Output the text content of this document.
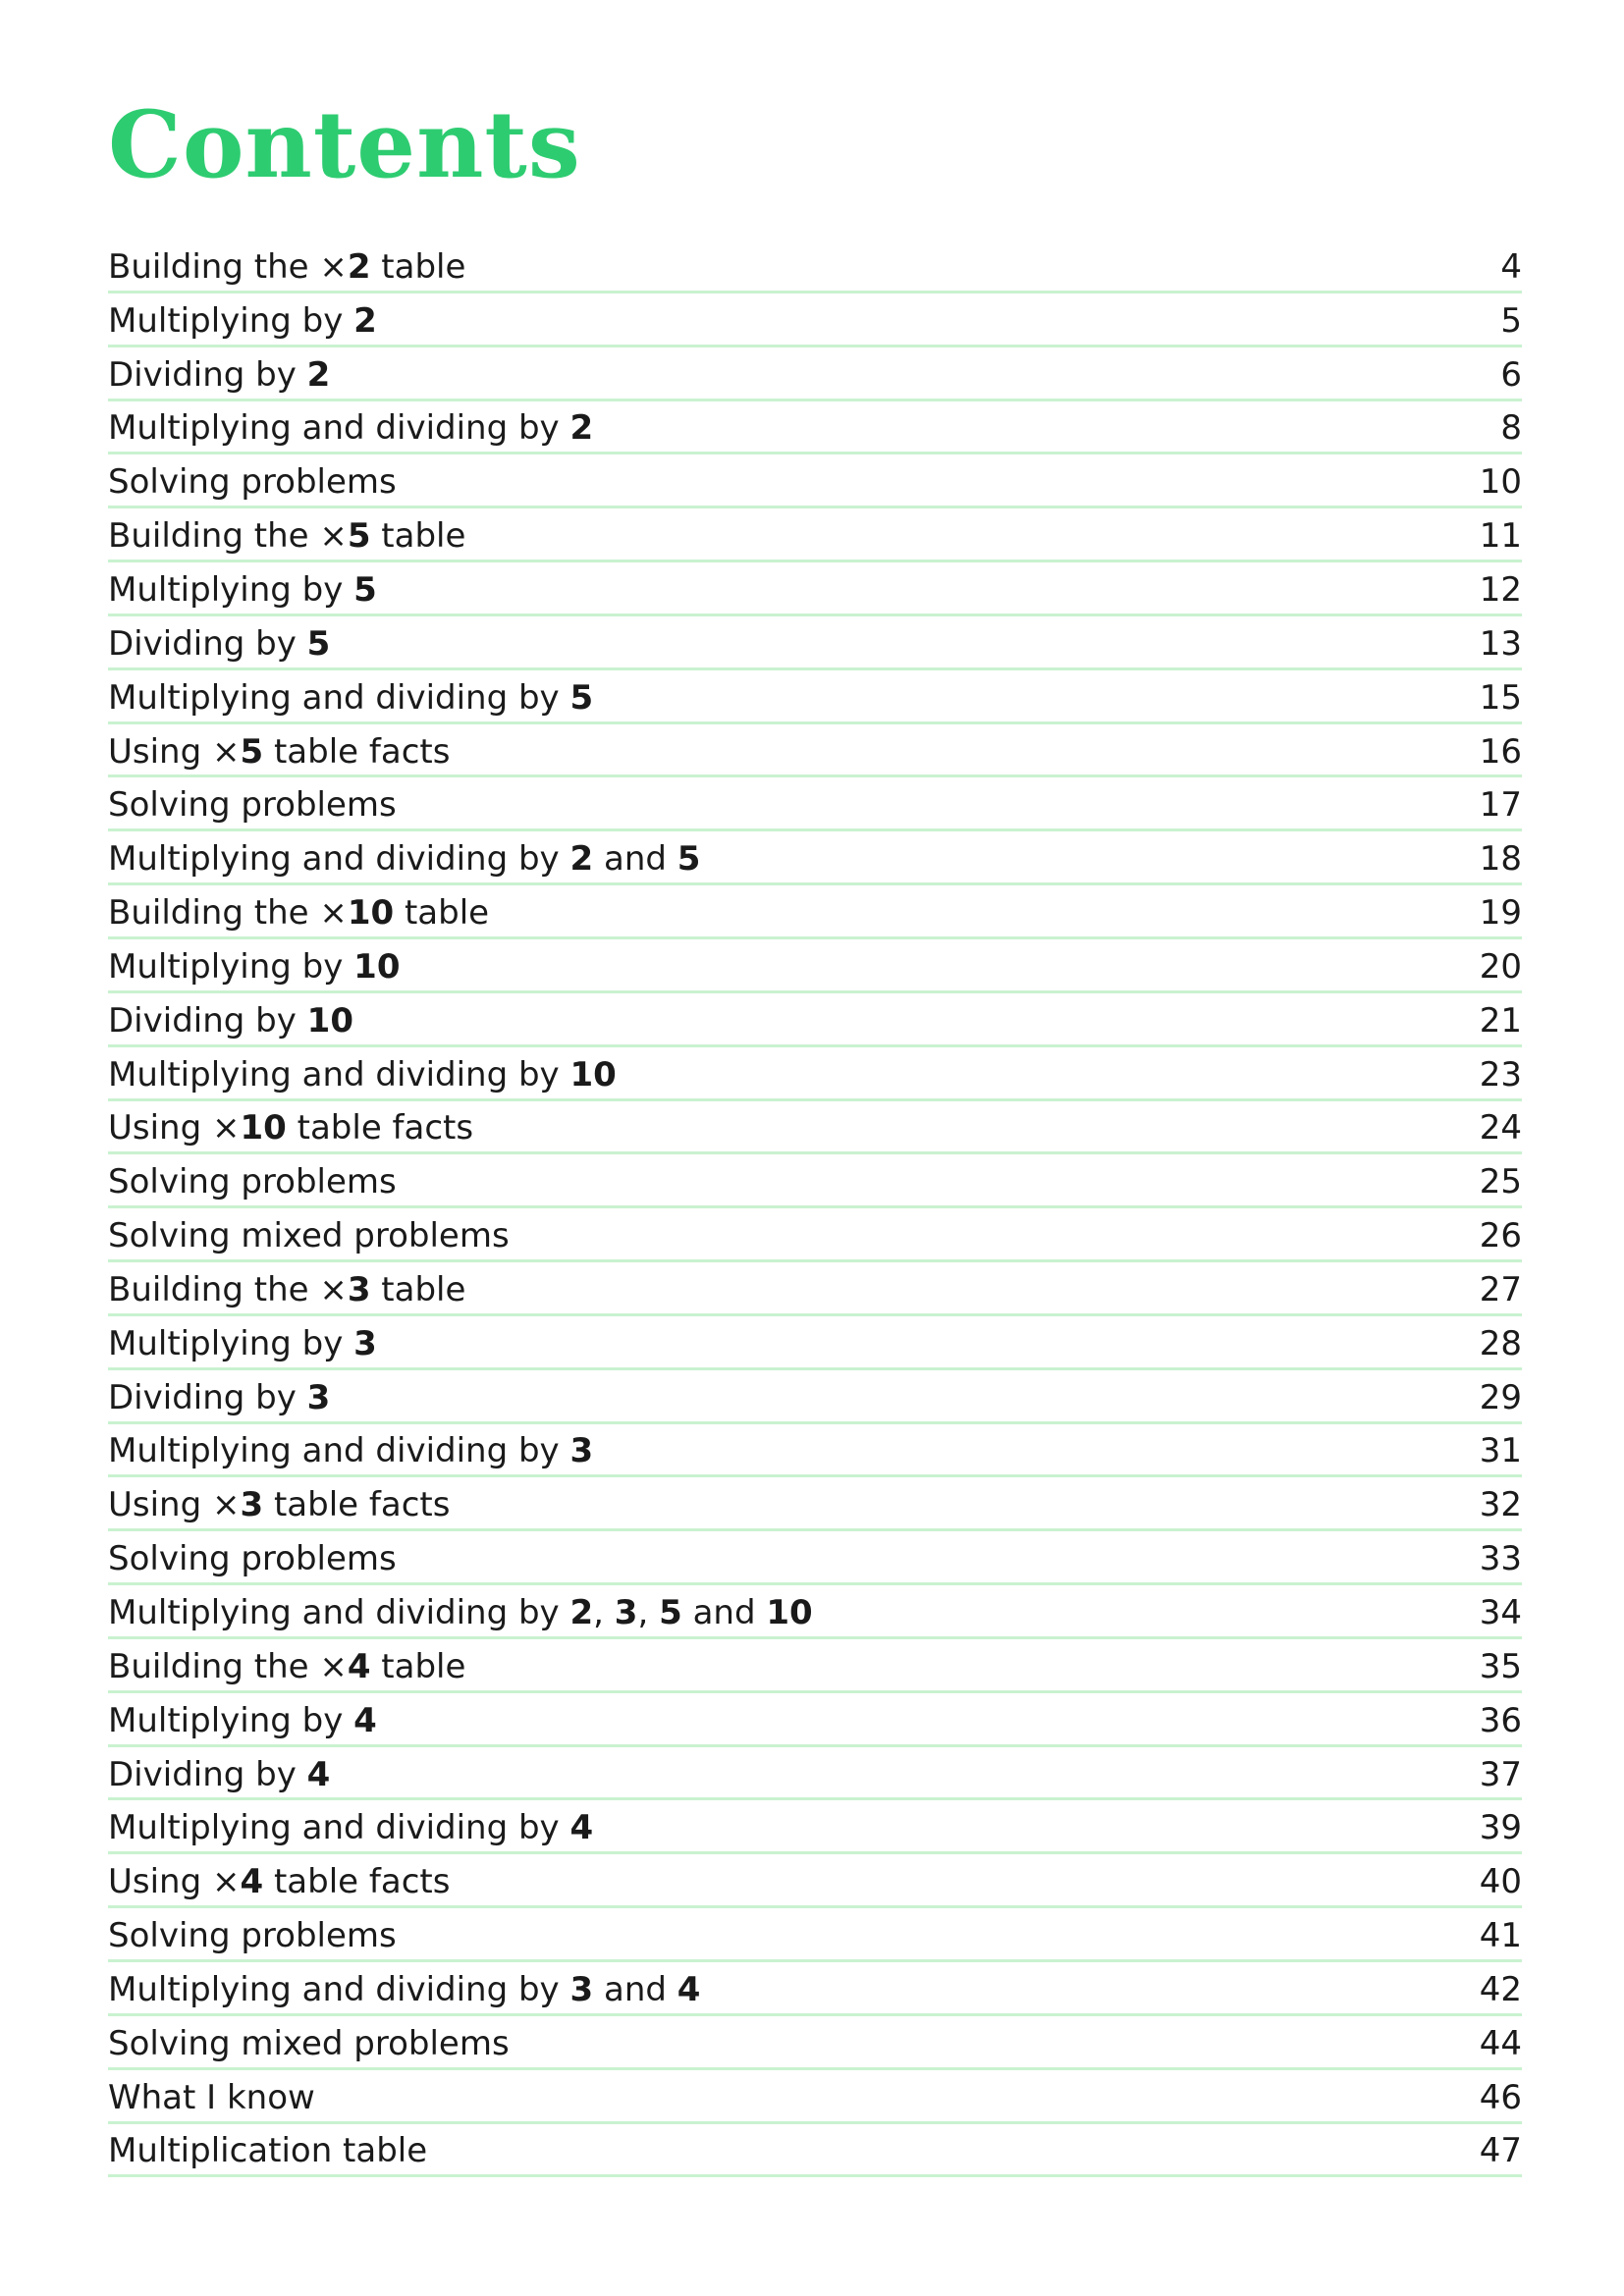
Contents
Building the ×2 table	4
Multiplying by 2	5
Dividing by 2	6
Multiplying and dividing by 2	8
Solving problems	10
Building the ×5 table	11
Multiplying by 5	12
Dividing by 5	13
Multiplying and dividing by 5	15
Using ×5 table facts	16
Solving problems	17
Multiplying and dividing by 2 and 5	18
Building the ×10 table	19
Multiplying by 10	20
Dividing by 10	21
Multiplying and dividing by 10	23
Using ×10 table facts	24
Solving problems	25
Solving mixed problems	26
Building the ×3 table	27
Multiplying by 3	28
Dividing by 3	29
Multiplying and dividing by 3	31
Using ×3 table facts	32
Solving problems	33
Multiplying and dividing by 2, 3, 5 and 10	34
Building the ×4 table	35
Multiplying by 4	36
Dividing by 4	37
Multiplying and dividing by 4	39
Using ×4 table facts	40
Solving problems	41
Multiplying and dividing by 3 and 4	42
Solving mixed problems	44
What I know	46
Multiplication table	47
